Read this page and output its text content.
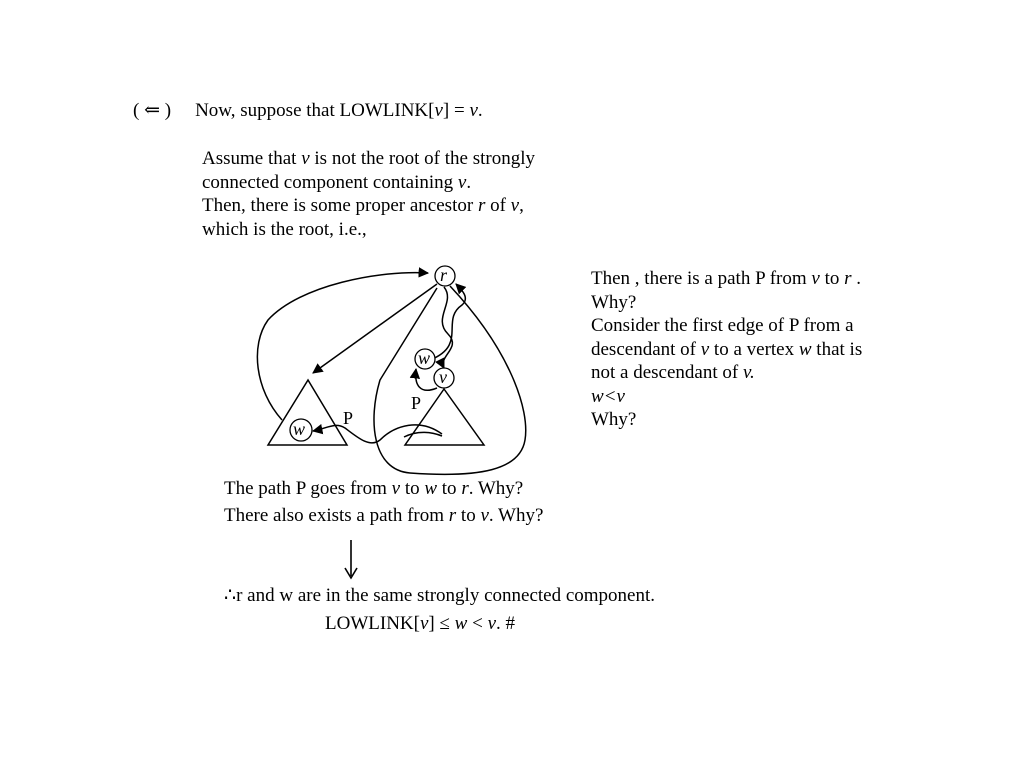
( ⇐ ) Now, suppose that LOWLINK[v] = v.
Assume that v is not the root of the strongly
connected component containing v.
Then, there is some proper ancestor r of v,
which is the root, i.e.,
r
w
v
w
P
P
Then , there is a path P from v to r .
Why?
Consider the first edge of P from a
descendant of v to a vertex w that is
not a descendant of v.
w<v
Why?
The path P goes from v to w to r. Why?
There also exists a path from r to v. Why?
∴r and w are in the same strongly connected component.
LOWLINK[v] ≤ w < v. #
